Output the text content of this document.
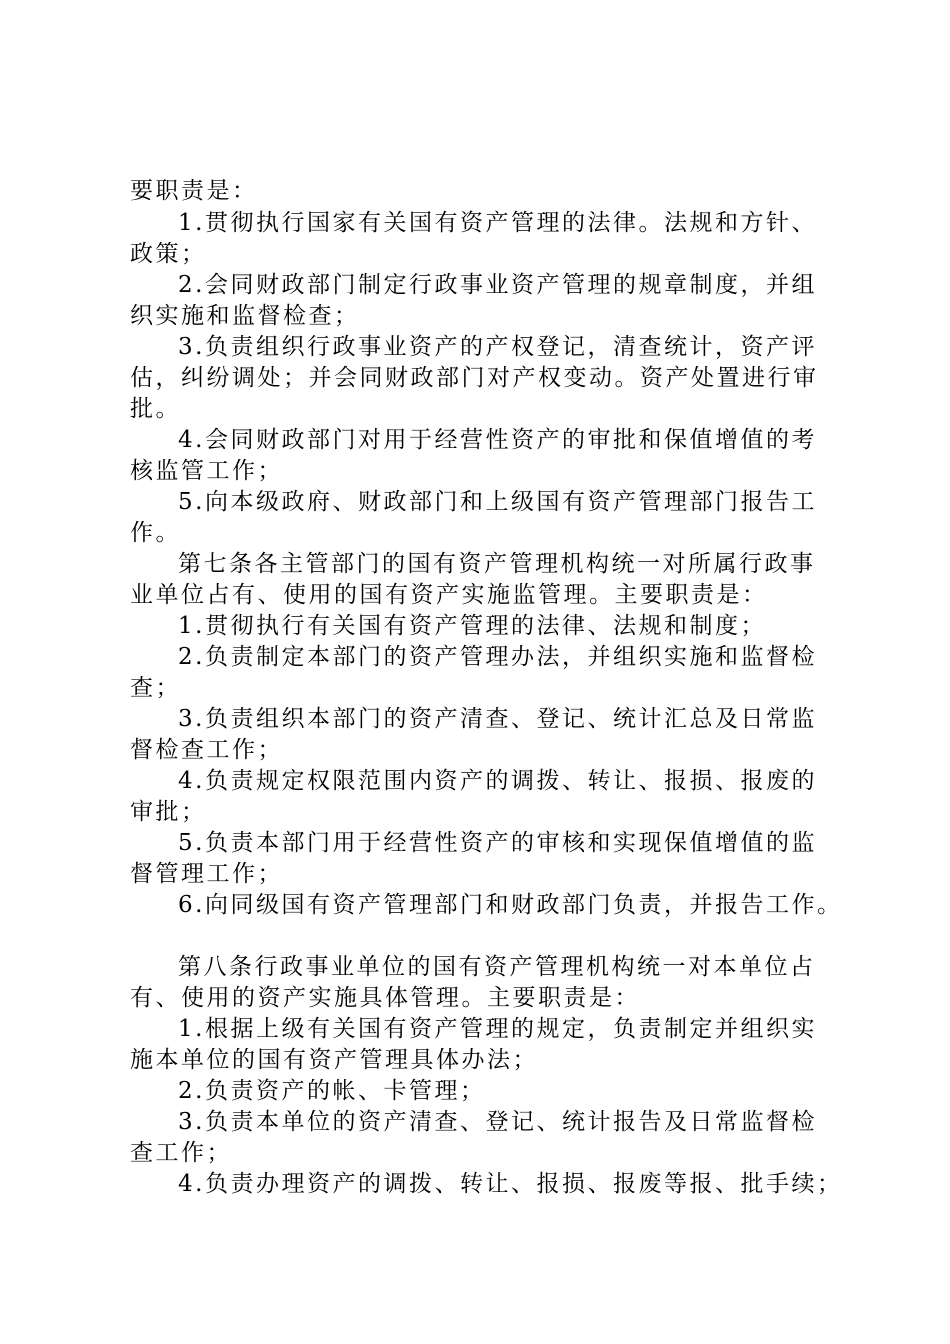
要职责是：
1.贯彻执行国家有关国有资产管理的法律。法规和方针、
政策；
2.会同财政部门制定行政事业资产管理的规章制度，并组
织实施和监督检查；
3.负责组织行政事业资产的产权登记，清查统计，资产评
估，纠纷调处；并会同财政部门对产权变动。资产处置进行审
批。
4.会同财政部门对用于经营性资产的审批和保值增值的考
核监管工作；
5.向本级政府、财政部门和上级国有资产管理部门报告工
作。
第七条各主管部门的国有资产管理机构统一对所属行政事
业单位占有、使用的国有资产实施监管理。主要职责是：
1.贯彻执行有关国有资产管理的法律、法规和制度；
2.负责制定本部门的资产管理办法，并组织实施和监督检
查；
3.负责组织本部门的资产清查、登记、统计汇总及日常监
督检查工作；
4.负责规定权限范围内资产的调拨、转让、报损、报废的
审批；
5.负责本部门用于经营性资产的审核和实现保值增值的监
督管理工作；
6.向同级国有资产管理部门和财政部门负责，并报告工作。
第八条行政事业单位的国有资产管理机构统一对本单位占
有、使用的资产实施具体管理。主要职责是：
1.根据上级有关国有资产管理的规定，负责制定并组织实
施本单位的国有资产管理具体办法；
2.负责资产的帐、卡管理；
3.负责本单位的资产清查、登记、统计报告及日常监督检
查工作；
4.负责办理资产的调拨、转让、报损、报废等报、批手续；
